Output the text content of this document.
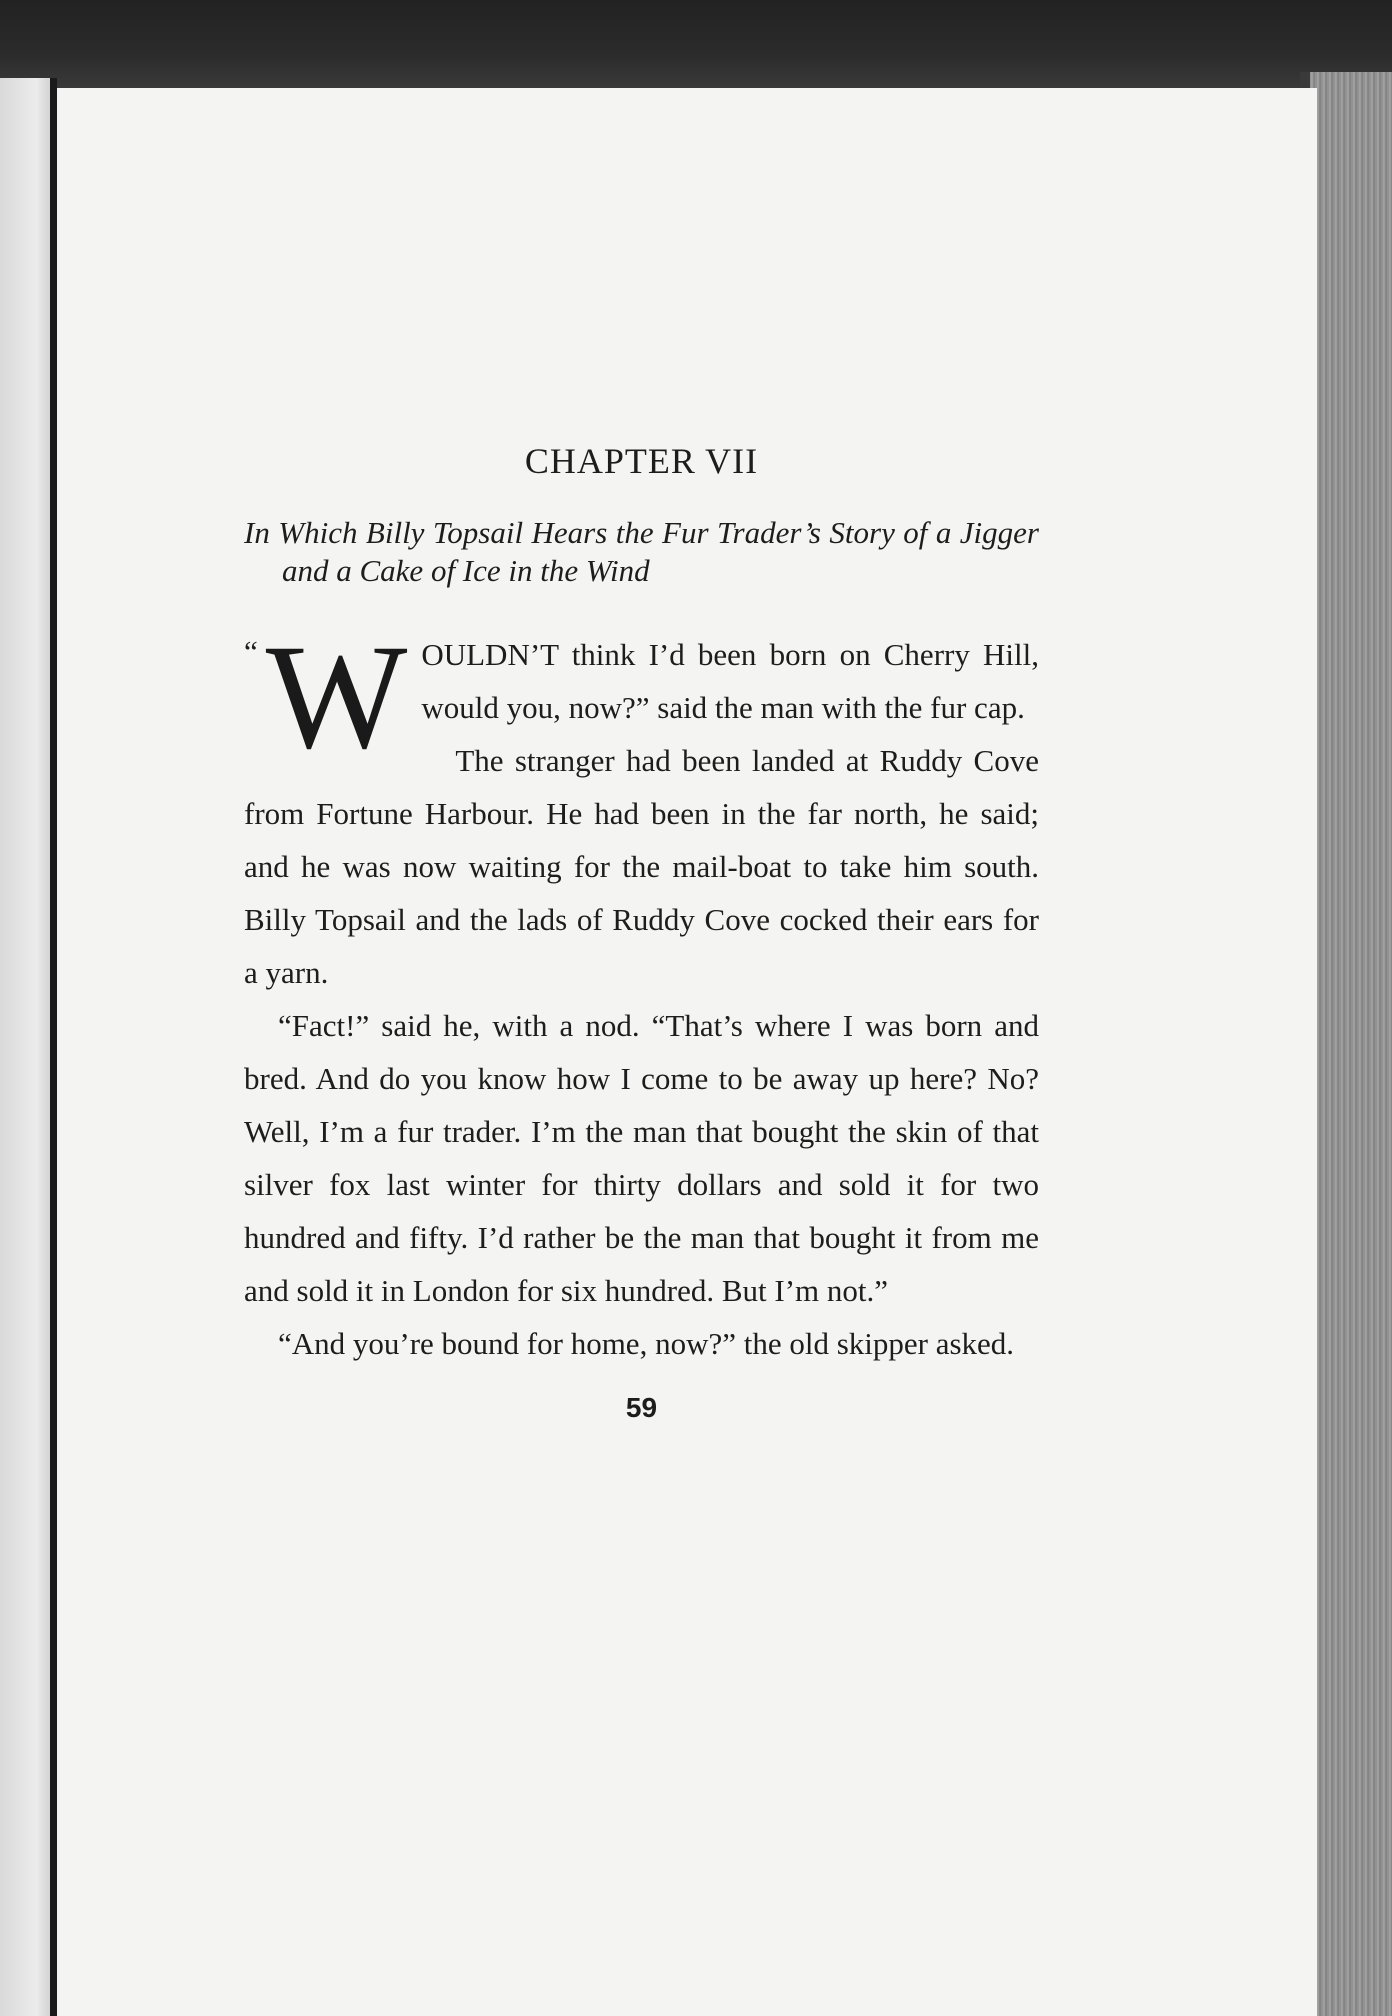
CHAPTER VII

In Which Billy Topsail Hears the Fur Trader’s Story of a Jigger and a Cake of Ice in the Wind

“ W OULDN’T think I’d been born on Cherry Hill, would you, now?” said the man with the fur cap.

The stranger had been landed at Ruddy Cove from Fortune Harbour. He had been in the far north, he said; and he was now waiting for the mail-boat to take him south. Billy Topsail and the lads of Ruddy Cove cocked their ears for a yarn.

“Fact!” said he, with a nod. “That’s where I was born and bred. And do you know how I come to be away up here? No? Well, I’m a fur trader. I’m the man that bought the skin of that silver fox last winter for thirty dollars and sold it for two hundred and fifty. I’d rather be the man that bought it from me and sold it in London for six hundred. But I’m not.”

“And you’re bound for home, now?” the old skipper asked.

59
